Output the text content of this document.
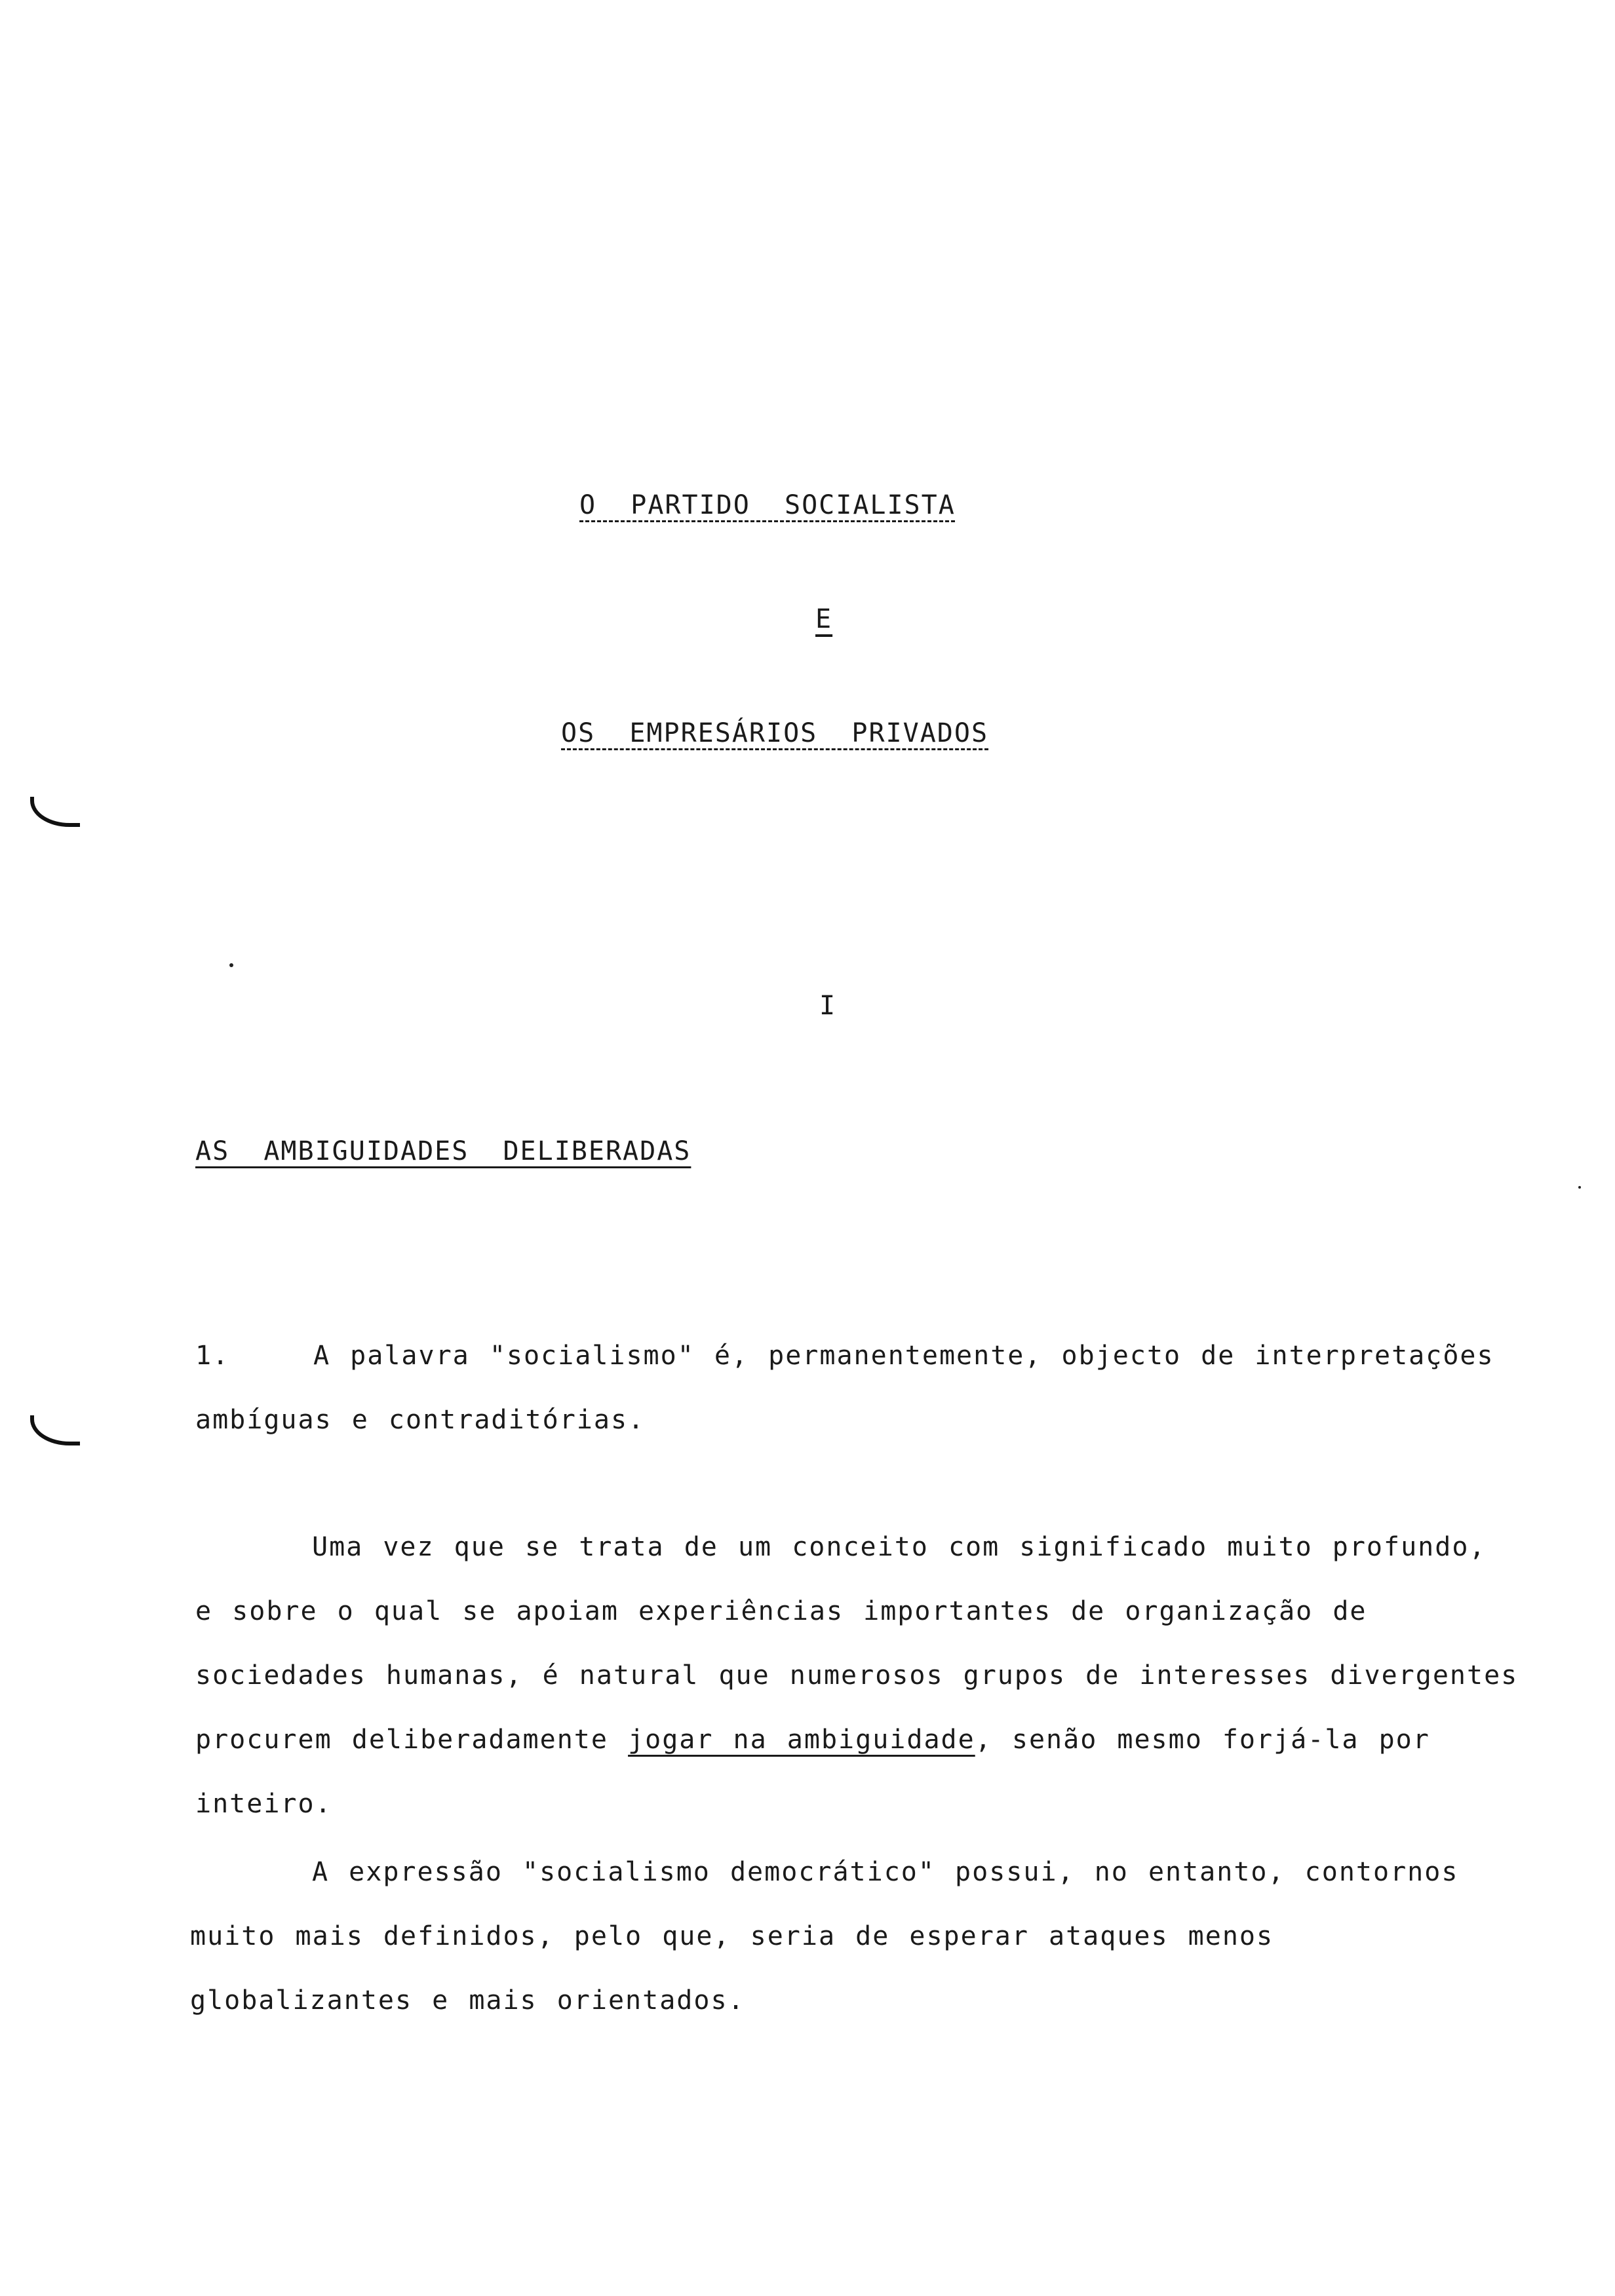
O  PARTIDO  SOCIALISTA
E
OS  EMPRESÁRIOS  PRIVADOS
I
AS  AMBIGUIDADES  DELIBERADAS
1.	A palavra "socialismo" é, permanentemente, objecto de interpretações ambíguas e contraditórias.
Uma vez que se trata de um conceito com significado muito profundo, e sobre o qual se apoiam experiências importantes de organização de sociedades humanas, é natural que numerosos grupos de interesses divergentes procurem deliberadamente jogar na ambiguidade, senão mesmo forjá-la por inteiro.
A expressão "socialismo democrático" possui, no entanto, contornos muito mais definidos, pelo que, seria de esperar ataques menos globalizantes e mais orientados.
